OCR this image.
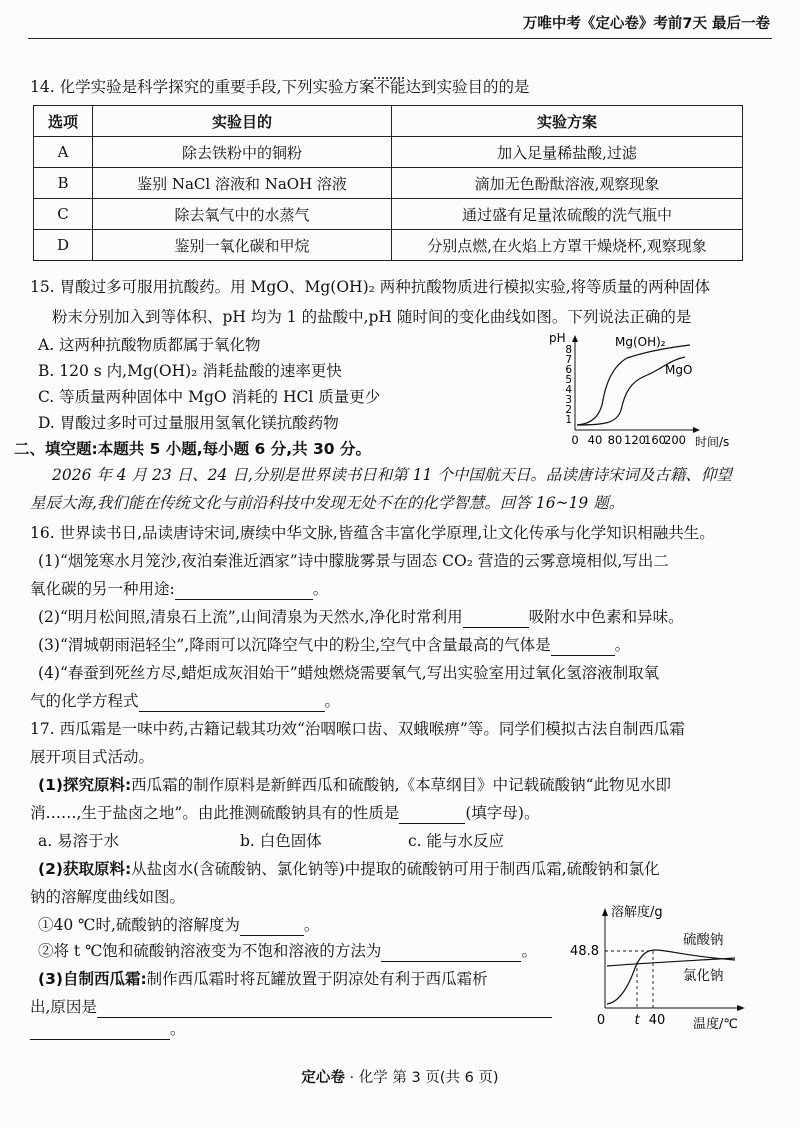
万唯中考《定心卷》考前7天 最后一卷
14. 化学实验是科学探究的重要手段,下列实验方案不能达到实验目的的是
选项	实验目的	实验方案
A	除去铁粉中的铜粉	加入足量稀盐酸,过滤
B	鉴别 NaCl 溶液和 NaOH 溶液	滴加无色酚酞溶液,观察现象
C	除去氧气中的水蒸气	通过盛有足量浓硫酸的洗气瓶中
D	鉴别一氧化碳和甲烷	分别点燃,在火焰上方罩干燥烧杯,观察现象
15. 胃酸过多可服用抗酸药。用 MgO、Mg(OH)₂ 两种抗酸物质进行模拟实验,将等质量的两种固体
粉末分别加入到等体积、pH 均为 1 的盐酸中,pH 随时间的变化曲线如图。下列说法正确的是
A. 这两种抗酸物质都属于氧化物
B. 120 s 内,Mg(OH)₂ 消耗盐酸的速率更快
C. 等质量两种固体中 MgO 消耗的 HCl 质量更少
D. 胃酸过多时可过量服用氢氧化镁抗酸药物
pH
时间/s
1
2
3
4
5
6
7
8
0 40 80 120
160
200
Mg(OH)₂
MgO
二、填空题:本题共 5 小题,每小题 6 分,共 30 分。
2026 年 4 月 23 日、24 日,分别是世界读书日和第 11 个中国航天日。品读唐诗宋词及古籍、仰望
星辰大海,我们能在传统文化与前沿科技中发现无处不在的化学智慧。回答 16~19 题。
16. 世界读书日,品读唐诗宋词,赓续中华文脉,皆蕴含丰富化学原理,让文化传承与化学知识相融共生。
(1)“烟笼寒水月笼沙,夜泊秦淮近酒家”诗中朦胧雾景与固态 CO₂ 营造的云雾意境相似,写出二
氧化碳的另一种用途:	。
(2)“明月松间照,清泉石上流”,山间清泉为天然水,净化时常利用	吸附水中色素和异味。
(3)“渭城朝雨浥轻尘”,降雨可以沉降空气中的粉尘,空气中含量最高的气体是	。
(4)“春蚕到死丝方尽,蜡炬成灰泪始干”蜡烛燃烧需要氧气,写出实验室用过氧化氢溶液制取氧
气的化学方程式	。
17. 西瓜霜是一味中药,古籍记载其功效“治咽喉口齿、双蛾喉痹”等。同学们模拟古法自制西瓜霜
展开项目式活动。
(1)探究原料:西瓜霜的制作原料是新鲜西瓜和硫酸钠,《本草纲目》中记载硫酸钠“此物见水即
消……,生于盐卤之地”。由此推测硫酸钠具有的性质是	(填字母)。
a. 易溶于水	b. 白色固体	c. 能与水反应
(2)获取原料:从盐卤水(含硫酸钠、氯化钠等)中提取的硫酸钠可用于制西瓜霜,硫酸钠和氯化
钠的溶解度曲线如图。
①40 ℃时,硫酸钠的溶解度为	。
②将 t ℃饱和硫酸钠溶液变为不饱和溶液的方法为	。
(3)自制西瓜霜:制作西瓜霜时将瓦罐放置于阴凉处有利于西瓜霜析
出,原因是
。
溶解度/g
温度/℃
48.8
0 t 40
硫酸钠
氯化钠
定心卷 · 化学 第 3 页(共 6 页)
